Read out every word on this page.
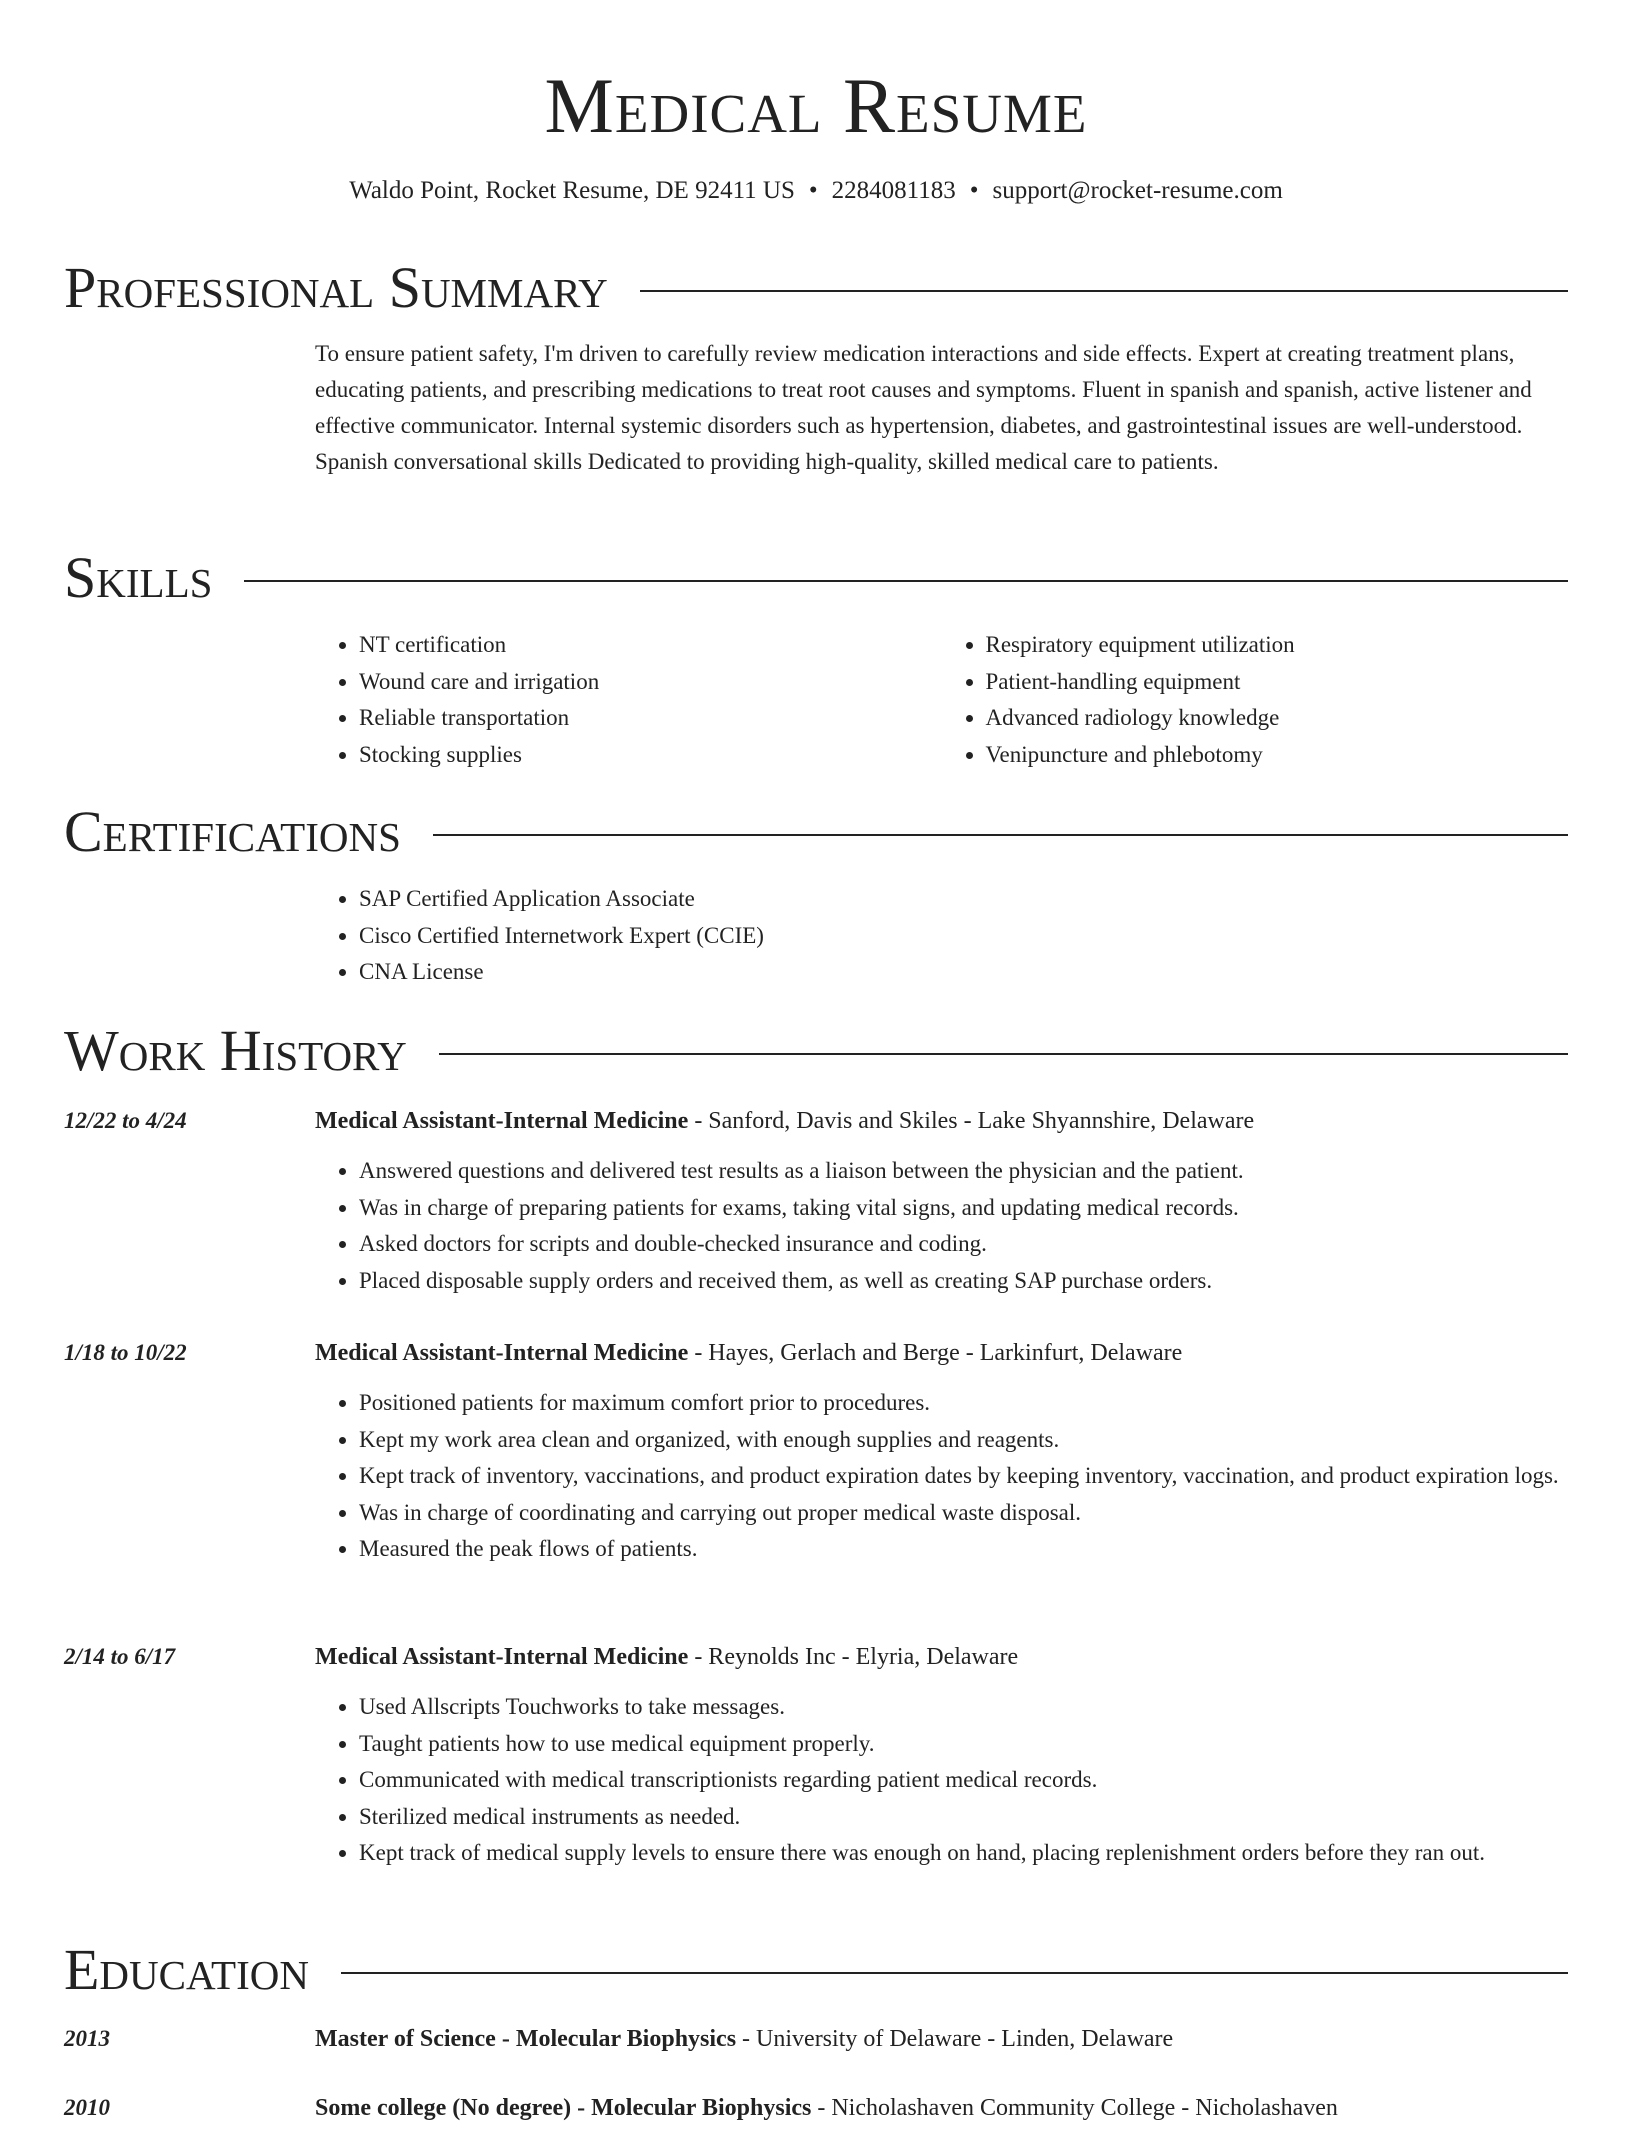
Medical Resume
Waldo Point, Rocket Resume, DE 92411 US • 2284081183 • support@rocket-resume.com
Professional Summary

To ensure patient safety, I'm driven to carefully review medication interactions and side effects. Expert at creating treatment plans, educating patients, and prescribing medications to treat root causes and symptoms. Fluent in spanish and spanish, active listener and effective communicator. Internal systemic disorders such as hypertension, diabetes, and gastrointestinal issues are well-understood. Spanish conversational skills Dedicated to providing high-quality, skilled medical care to patients.

Skills
• NT certification
• Wound care and irrigation
• Reliable transportation
• Stocking supplies
• Respiratory equipment utilization
• Patient-handling equipment
• Advanced radiology knowledge
• Venipuncture and phlebotomy
Certifications
• SAP Certified Application Associate
• Cisco Certified Internetwork Expert (CCIE)
• CNA License
Work History
12/22 to 4/24	Medical Assistant-Internal Medicine - Sanford, Davis and Skiles - Lake Shyannshire, Delaware

• Answered questions and delivered test results as a liaison between the physician and the patient.
• Was in charge of preparing patients for exams, taking vital signs, and updating medical records.
• Asked doctors for scripts and double-checked insurance and coding.
• Placed disposable supply orders and received them, as well as creating SAP purchase orders.
1/18 to 10/22	Medical Assistant-Internal Medicine - Hayes, Gerlach and Berge - Larkinfurt, Delaware

• Positioned patients for maximum comfort prior to procedures.
• Kept my work area clean and organized, with enough supplies and reagents.
• Kept track of inventory, vaccinations, and product expiration dates by keeping inventory, vaccination, and product expiration logs.
• Was in charge of coordinating and carrying out proper medical waste disposal.
• Measured the peak flows of patients.
2/14 to 6/17	Medical Assistant-Internal Medicine - Reynolds Inc - Elyria, Delaware

• Used Allscripts Touchworks to take messages.
• Taught patients how to use medical equipment properly.
• Communicated with medical transcriptionists regarding patient medical records.
• Sterilized medical instruments as needed.
• Kept track of medical supply levels to ensure there was enough on hand, placing replenishment orders before they ran out.
Education
2013	Master of Science - Molecular Biophysics - University of Delaware - Linden, Delaware

2010	Some college (No degree) - Molecular Biophysics - Nicholashaven Community College - Nicholashaven
